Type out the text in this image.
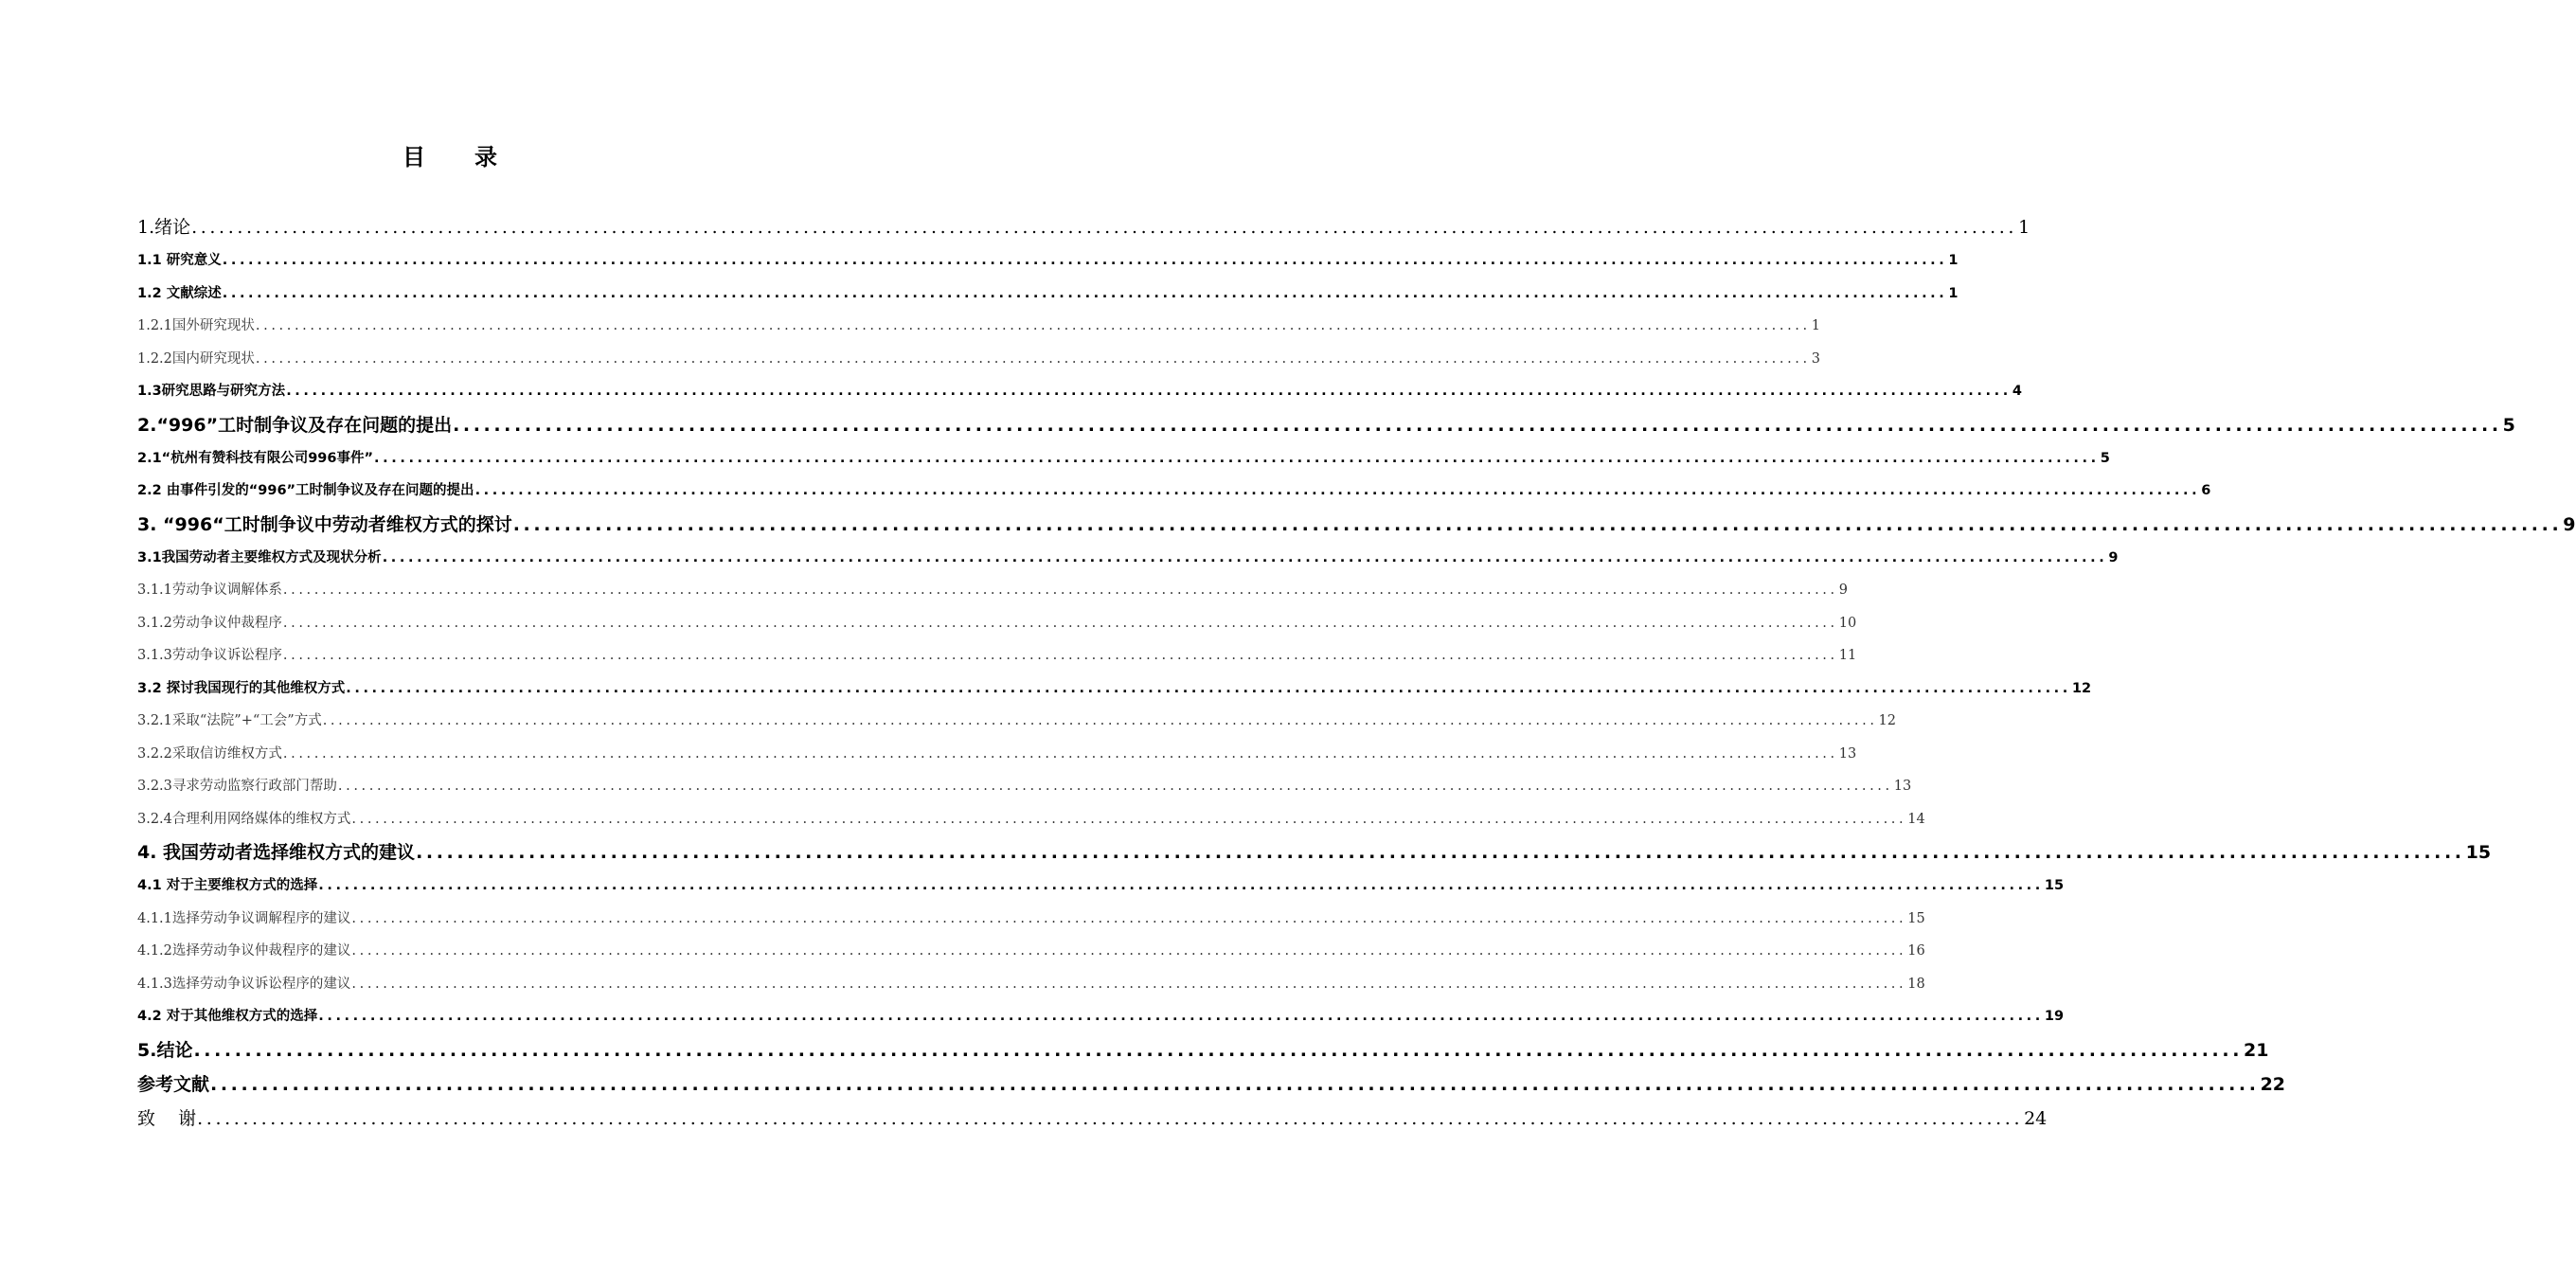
目 录
1.绪论 ........................................................................................................................................................................................................ 1
1.1 研究意义 ........................................................................................................................................................................................................ 1
1.2 文献综述 ........................................................................................................................................................................................................ 1
1.2.1国外研究现状 ........................................................................................................................................................................................................ 1
1.2.2国内研究现状 ........................................................................................................................................................................................................ 3
1.3研究思路与研究方法 ........................................................................................................................................................................................................ 4
2.“996”工时制争议及存在问题的提出 ........................................................................................................................................................................................................ 5
2.1“杭州有赞科技有限公司996事件” ........................................................................................................................................................................................................ 5
2.2 由事件引发的“996”工时制争议及存在问题的提出 ........................................................................................................................................................................................................ 6
3. “996“工时制争议中劳动者维权方式的探讨 ........................................................................................................................................................................................................ 9
3.1我国劳动者主要维权方式及现状分析 ........................................................................................................................................................................................................ 9
3.1.1劳动争议调解体系 ........................................................................................................................................................................................................ 9
3.1.2劳动争议仲裁程序 ........................................................................................................................................................................................................ 10
3.1.3劳动争议诉讼程序 ........................................................................................................................................................................................................ 11
3.2 探讨我国现行的其他维权方式 ........................................................................................................................................................................................................ 12
3.2.1采取“法院”+“工会”方式 ........................................................................................................................................................................................................ 12
3.2.2采取信访维权方式 ........................................................................................................................................................................................................ 13
3.2.3寻求劳动监察行政部门帮助 ........................................................................................................................................................................................................ 13
3.2.4合理利用网络媒体的维权方式 ........................................................................................................................................................................................................ 14
4. 我国劳动者选择维权方式的建议 ........................................................................................................................................................................................................ 15
4.1 对于主要维权方式的选择 ........................................................................................................................................................................................................ 15
4.1.1选择劳动争议调解程序的建议 ........................................................................................................................................................................................................ 15
4.1.2选择劳动争议仲裁程序的建议 ........................................................................................................................................................................................................ 16
4.1.3选择劳动争议诉讼程序的建议 ........................................................................................................................................................................................................ 18
4.2 对于其他维权方式的选择 ........................................................................................................................................................................................................ 19
5.结论 ........................................................................................................................................................................................................ 21
参考文献 ........................................................................................................................................................................................................ 22
致    谢 ........................................................................................................................................................................................................ 24
